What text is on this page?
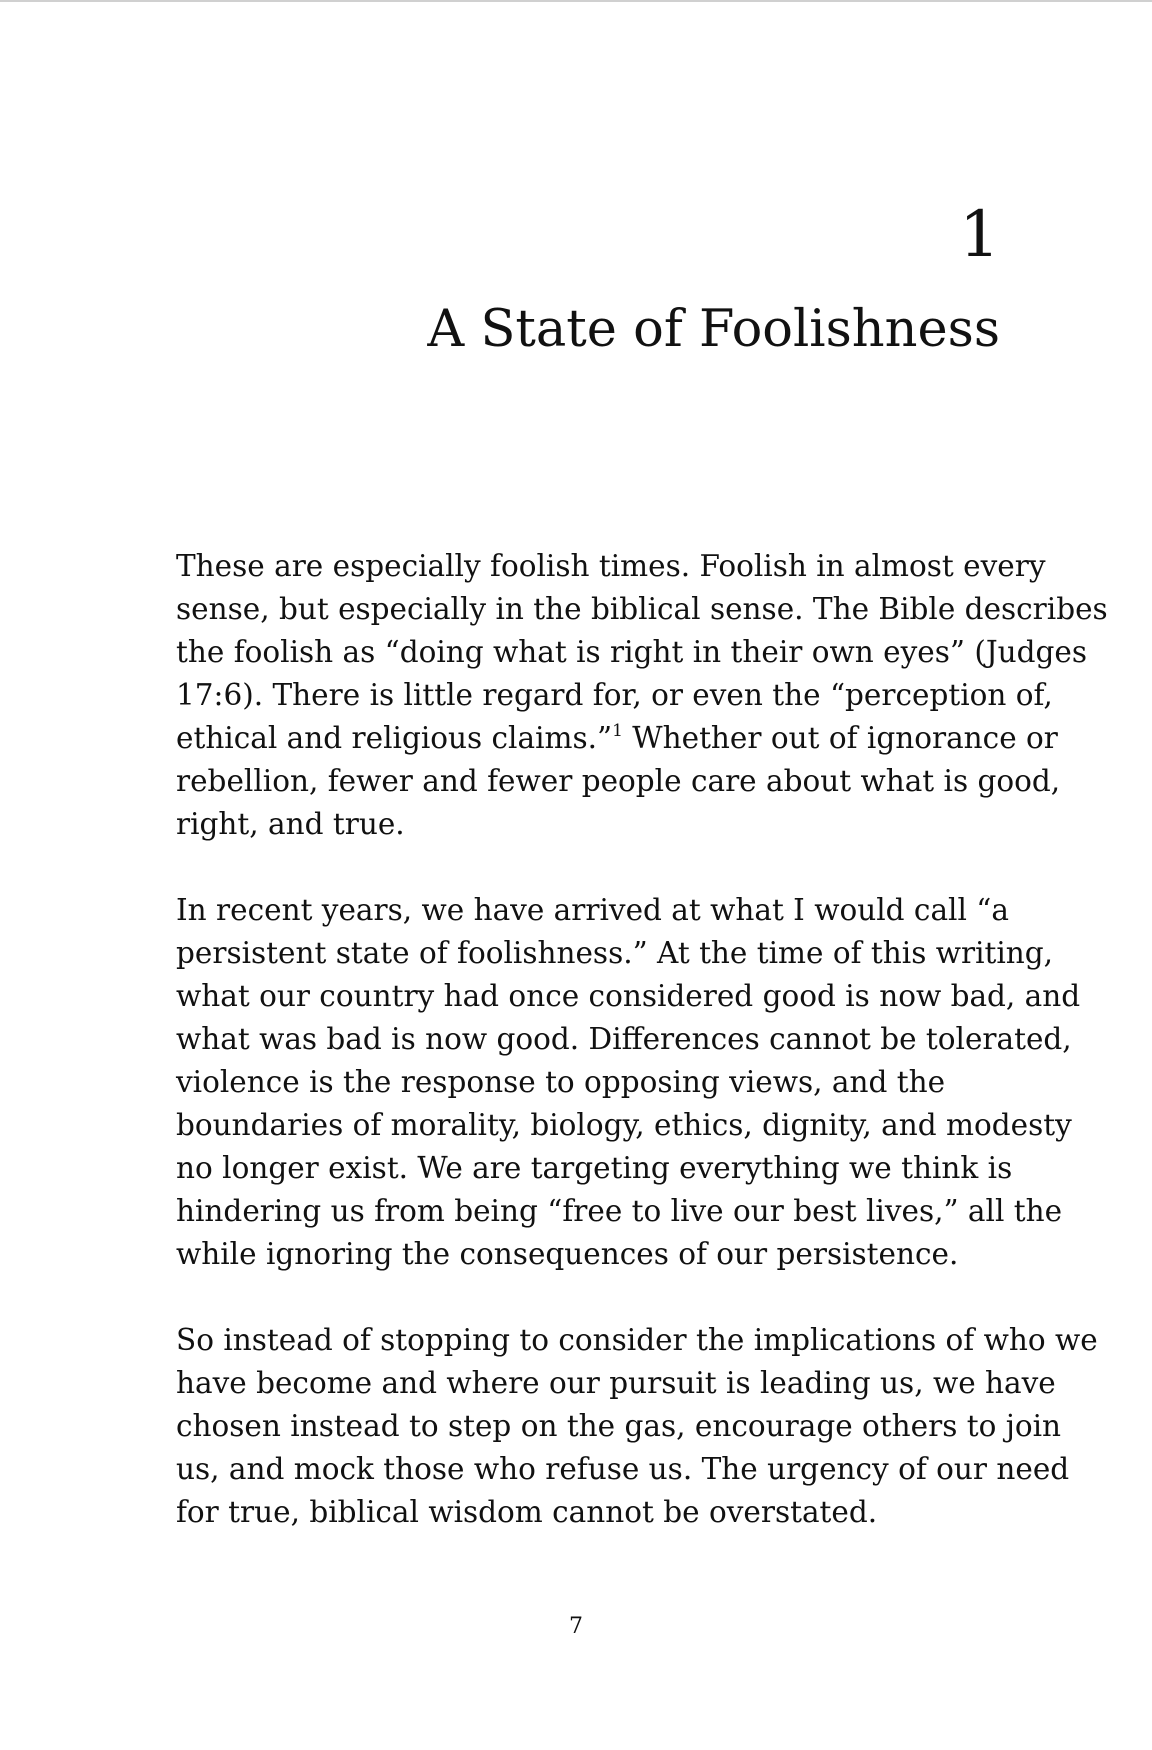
1
A State of Foolishness

These are especially foolish times. Foolish in almost every
sense, but especially in the biblical sense. The Bible describes
the foolish as “doing what is right in their own eyes” (Judges
17:6). There is little regard for, or even the “perception of,
ethical and religious claims.”$^1$ Whether out of ignorance or
rebellion, fewer and fewer people care about what is good,
right, and true.

In recent years, we have arrived at what I would call “a
persistent state of foolishness.” At the time of this writing,
what our country had once considered good is now bad, and
what was bad is now good. Differences cannot be tolerated,
violence is the response to opposing views, and the
boundaries of morality, biology, ethics, dignity, and modesty
no longer exist. We are targeting everything we think is
hindering us from being “free to live our best lives,” all the
while ignoring the consequences of our persistence.

So instead of stopping to consider the implications of who we
have become and where our pursuit is leading us, we have
chosen instead to step on the gas, encourage others to join
us, and mock those who refuse us. The urgency of our need
for true, biblical wisdom cannot be overstated.

7
